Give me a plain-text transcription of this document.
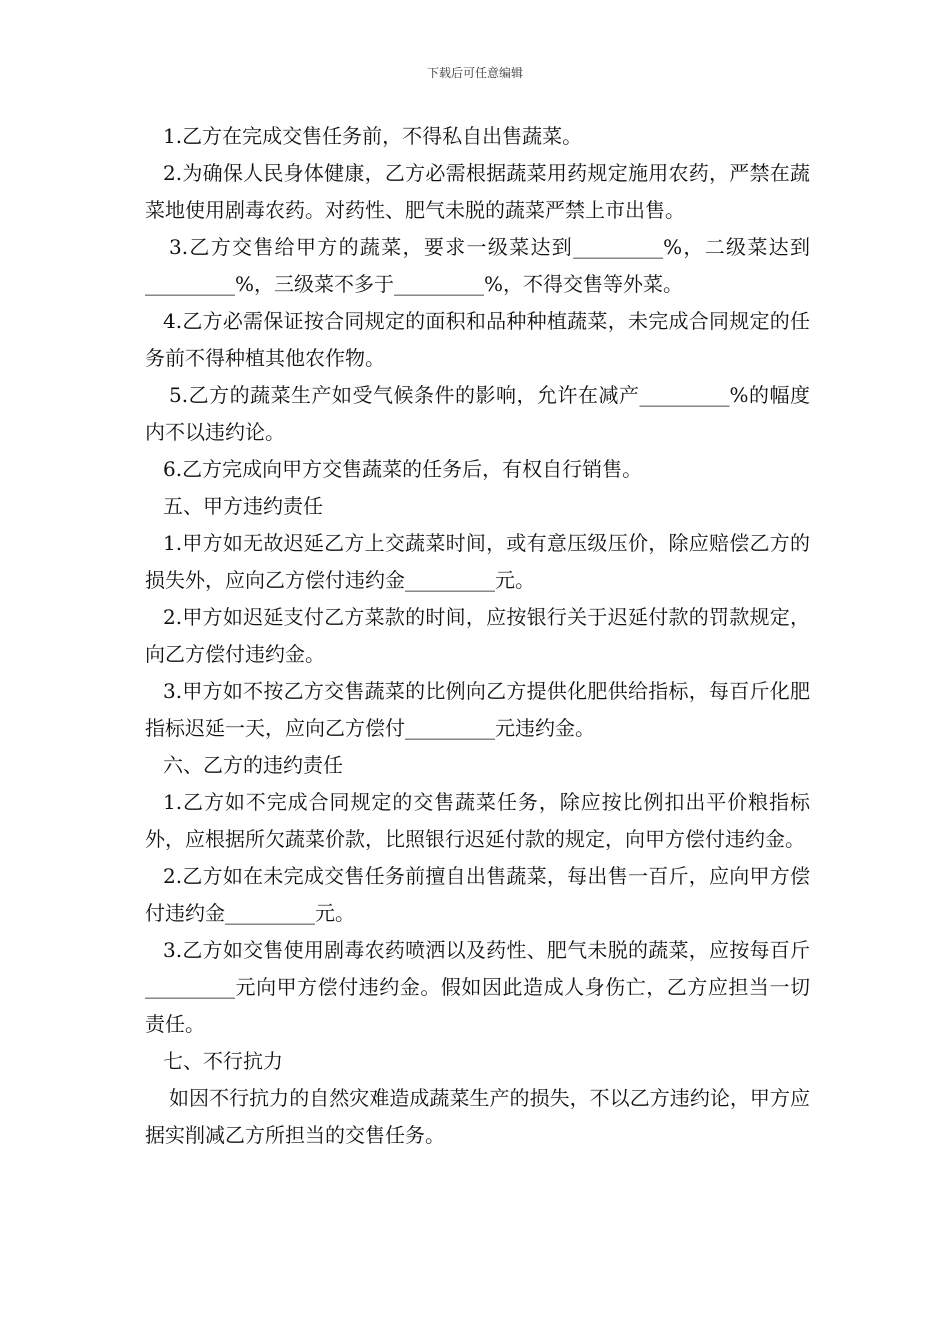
下载后可任意编辑

1.乙方在完成交售任务前，不得私自出售蔬菜。

2.为确保人民身体健康，乙方必需根据蔬菜用药规定施用农药，严禁在蔬菜地使用剧毒农药。对药性、肥气未脱的蔬菜严禁上市出售。

3.乙方交售给甲方的蔬菜，要求一级菜达到_________%，二级菜达到_________%，三级菜不多于_________%，不得交售等外菜。

4.乙方必需保证按合同规定的面积和品种种植蔬菜，未完成合同规定的任务前不得种植其他农作物。

5.乙方的蔬菜生产如受气候条件的影响，允许在减产_________%的幅度内不以违约论。

6.乙方完成向甲方交售蔬菜的任务后，有权自行销售。

五、甲方违约责任

1.甲方如无故迟延乙方上交蔬菜时间，或有意压级压价，除应赔偿乙方的损失外，应向乙方偿付违约金_________元。

2.甲方如迟延支付乙方菜款的时间，应按银行关于迟延付款的罚款规定，向乙方偿付违约金。

3.甲方如不按乙方交售蔬菜的比例向乙方提供化肥供给指标，每百斤化肥指标迟延一天，应向乙方偿付_________元违约金。

六、乙方的违约责任

1.乙方如不完成合同规定的交售蔬菜任务，除应按比例扣出平价粮指标外，应根据所欠蔬菜价款，比照银行迟延付款的规定，向甲方偿付违约金。

2.乙方如在未完成交售任务前擅自出售蔬菜，每出售一百斤，应向甲方偿付违约金_________元。

3.乙方如交售使用剧毒农药喷洒以及药性、肥气未脱的蔬菜，应按每百斤_________元向甲方偿付违约金。假如因此造成人身伤亡，乙方应担当一切责任。

七、不行抗力

如因不行抗力的自然灾难造成蔬菜生产的损失，不以乙方违约论，甲方应据实削减乙方所担当的交售任务。
